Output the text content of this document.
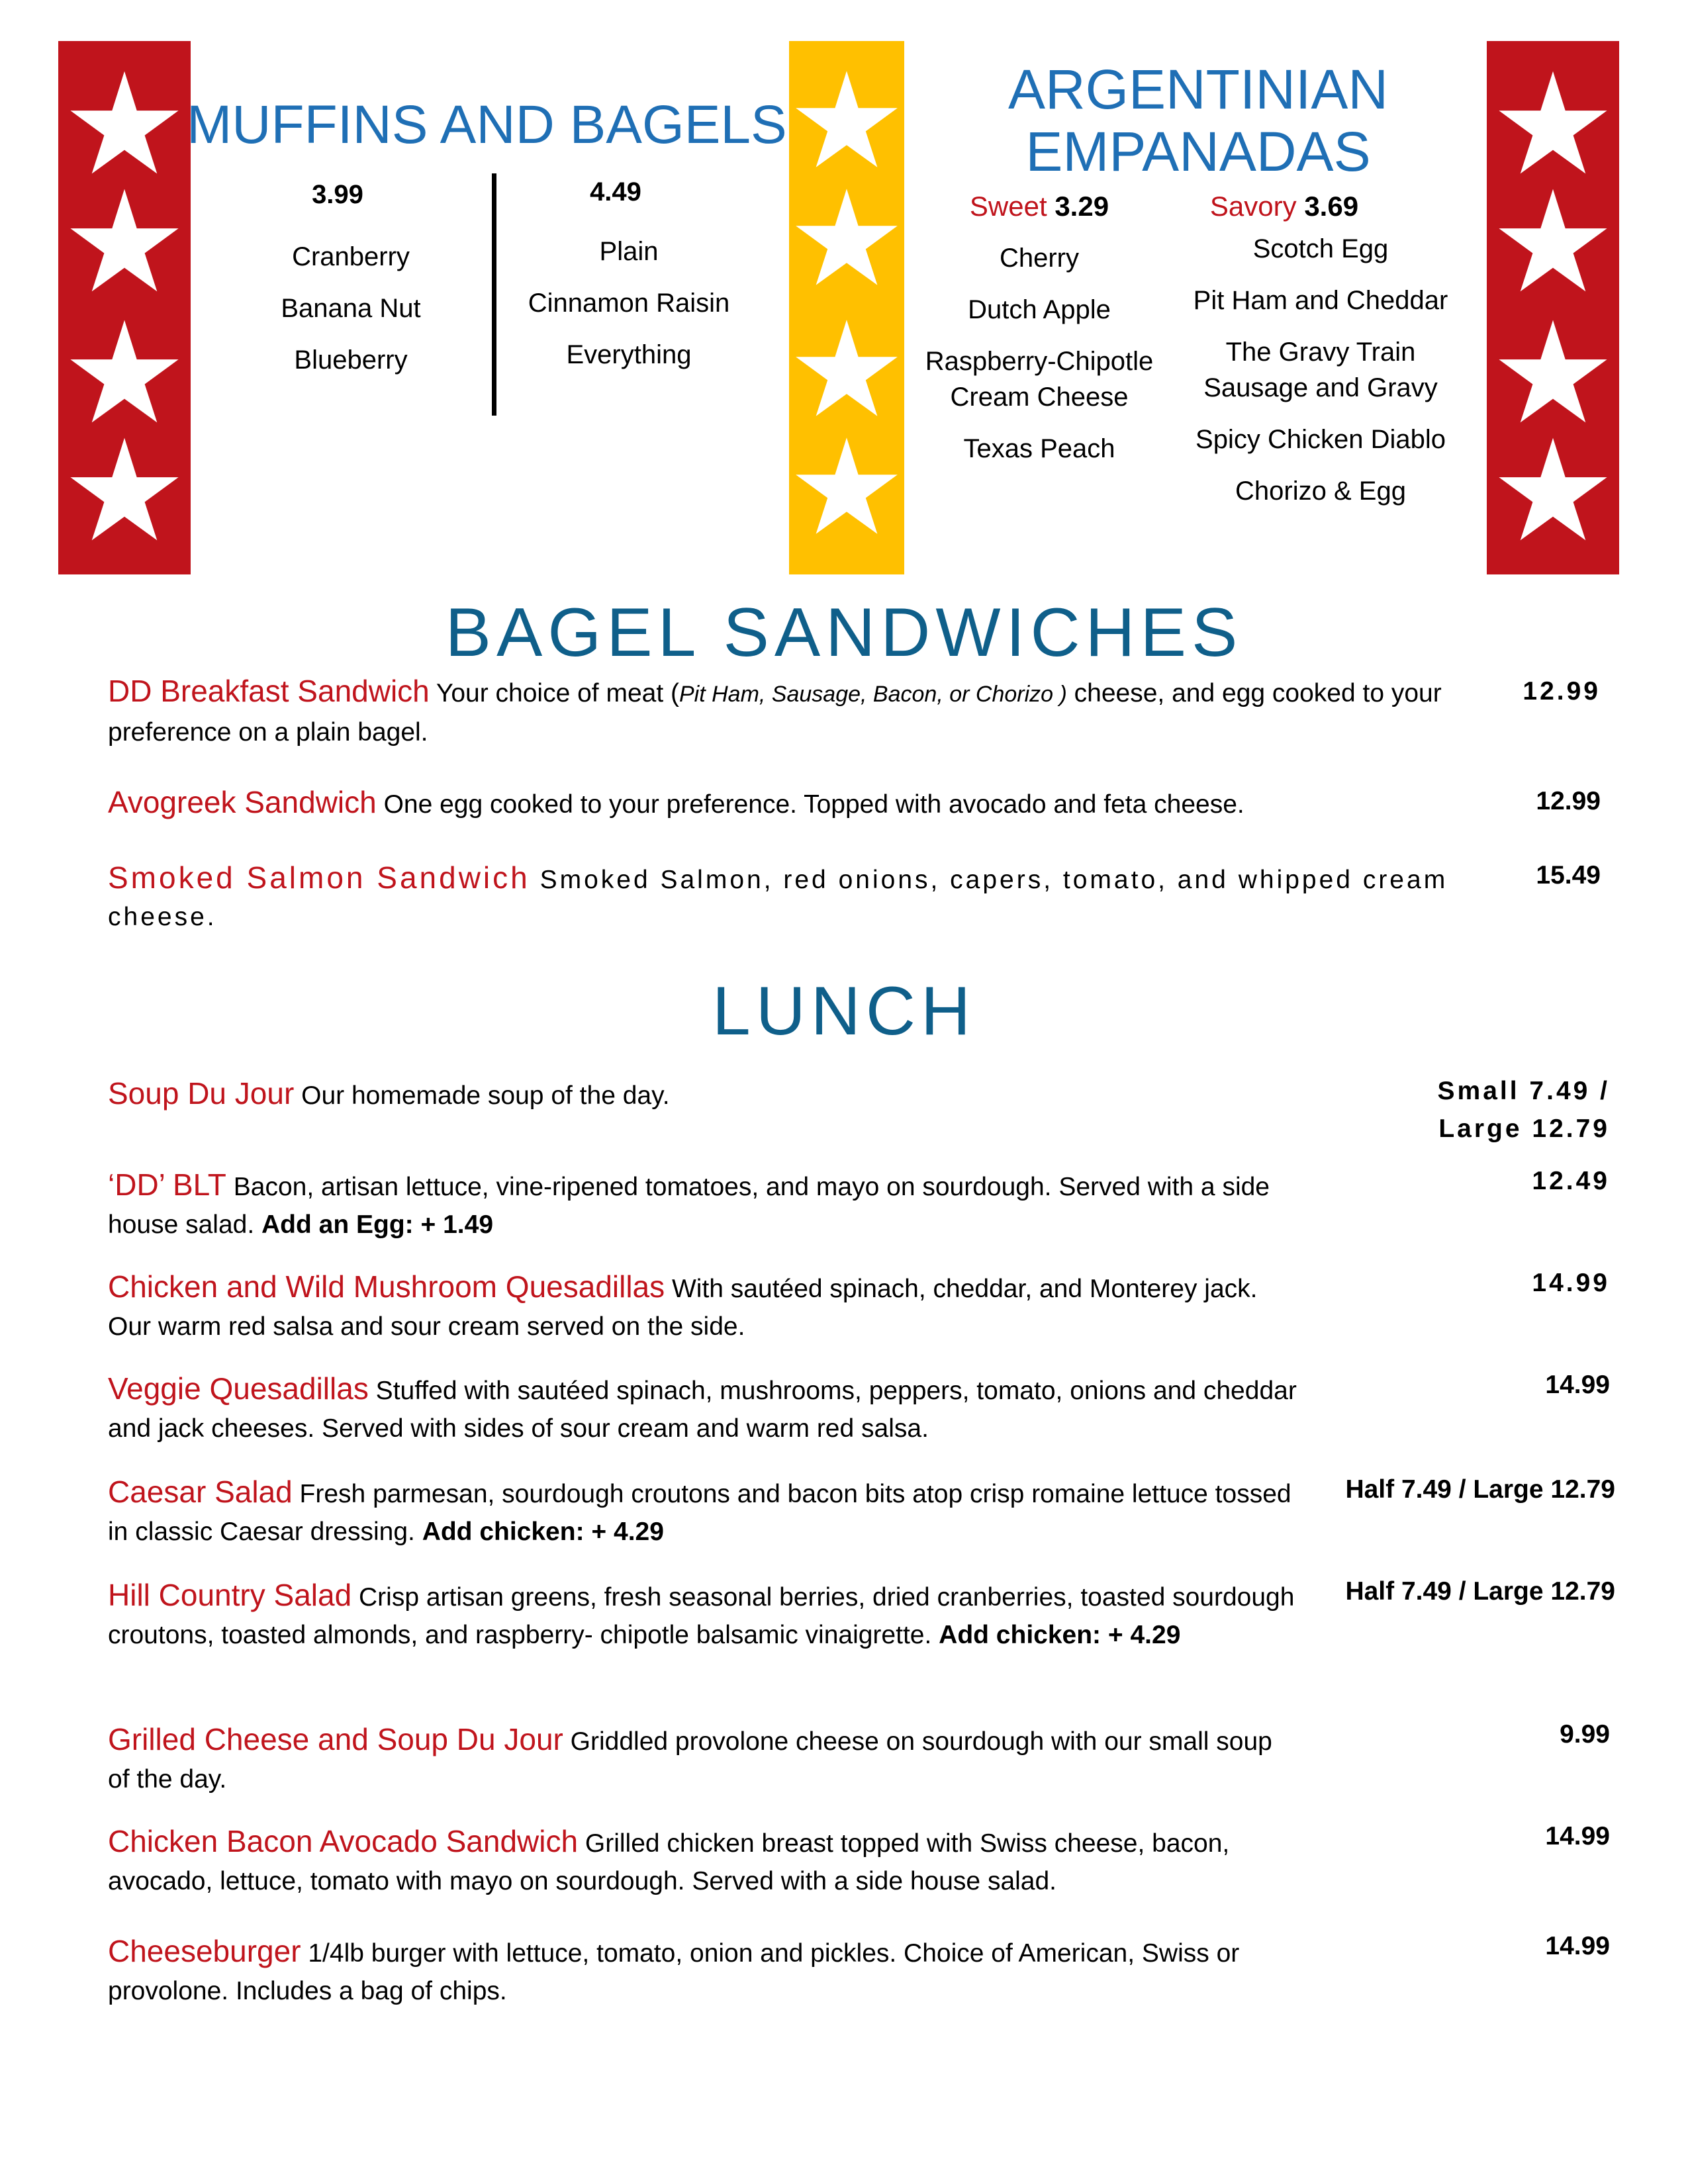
MUFFINS AND BAGELS
3.99
Cranberry
Banana Nut
Blueberry
4.49
Plain
Cinnamon Raisin
Everything
ARGENTINIAN
EMPANADAS
Sweet 3.29
Cherry
Dutch Apple
Raspberry-Chipotle
Cream Cheese
Texas Peach
Savory 3.69
Scotch Egg
Pit Ham and Cheddar
The Gravy Train
Sausage and Gravy
Spicy Chicken Diablo
Chorizo & Egg
BAGEL SANDWICHES
DD Breakfast Sandwich Your choice of meat (Pit Ham, Sausage, Bacon, or Chorizo ) cheese, and egg cooked to your preference on a plain bagel.
12.99
Avogreek Sandwich One egg cooked to your preference. Topped with avocado and feta cheese.	12.99
Smoked Salmon Sandwich Smoked Salmon, red onions, capers, tomato, and whipped cream cheese.
15.49
LUNCH
Soup Du Jour Our homemade soup of the day.	Small 7.49 /
Large 12.79
‘DD’ BLT Bacon, artisan lettuce, vine-ripened tomatoes, and mayo on sourdough. Served with a side house salad. Add an Egg: + 1.49
12.49
Chicken and Wild Mushroom Quesadillas With sautéed spinach, cheddar, and Monterey jack. Our warm red salsa and sour cream served on the side.
14.99
Veggie Quesadillas Stuffed with sautéed spinach, mushrooms, peppers, tomato, onions and cheddar and jack cheeses. Served with sides of sour cream and warm red salsa.
14.99
Caesar Salad Fresh parmesan, sourdough croutons and bacon bits atop crisp romaine lettuce tossed in classic Caesar dressing. Add chicken: + 4.29
Half 7.49 / Large 12.79
Hill Country Salad Crisp artisan greens, fresh seasonal berries, dried cranberries, toasted sourdough croutons, toasted almonds, and raspberry- chipotle balsamic vinaigrette. Add chicken: + 4.29
Half 7.49 / Large 12.79
Grilled Cheese and Soup Du Jour Griddled provolone cheese on sourdough with our small soup of the day.
9.99
Chicken Bacon Avocado Sandwich Grilled chicken breast topped with Swiss cheese, bacon, avocado, lettuce, tomato with mayo on sourdough. Served with a side house salad.
14.99
Cheeseburger 1/4lb burger with lettuce, tomato, onion and pickles. Choice of American, Swiss or provolone. Includes a bag of chips.
14.99
